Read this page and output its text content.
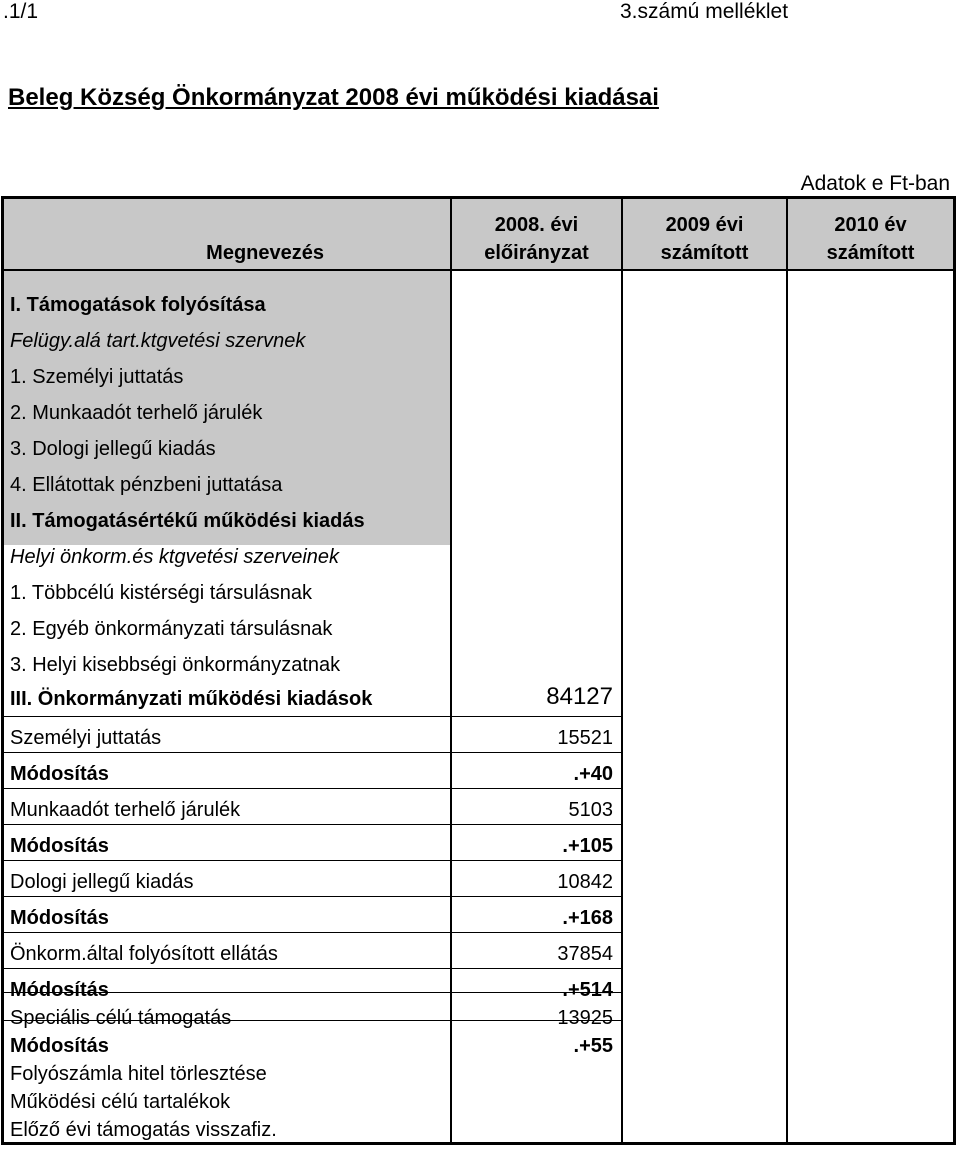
.1/1	3.számú melléklet
Beleg Község Önkormányzat 2008 évi működési kiadásai
Adatok e Ft-ban
Megnevezés
2008. évi
előirányzat
2009 évi
számított
2010 év
számított
I. Támogatások folyósítása
Felügy.alá tart.ktgvetési szervnek
1. Személyi juttatás
2. Munkaadót terhelő járulék
3. Dologi jellegű kiadás
4. Ellátottak pénzbeni juttatása
II. Támogatásértékű működési kiadás
Helyi önkorm.és ktgvetési szerveinek
1. Többcélú kistérségi társulásnak
2. Egyéb önkormányzati társulásnak
3. Helyi kisebbségi önkormányzatnak
III. Önkormányzati működési kiadások
Személyi juttatás
Módosítás
Munkaadót terhelő járulék
Módosítás
Dologi jellegű kiadás
Módosítás
Önkorm.által folyósított ellátás
Módosítás
Speciális célú támogatás
Módosítás
Folyószámla hitel törlesztése
Működési célú tartalékok
Előző évi támogatás visszafiz.
84127
15521
.+40
5103
.+105
10842
.+168
37854
.+514
13925
.+55
